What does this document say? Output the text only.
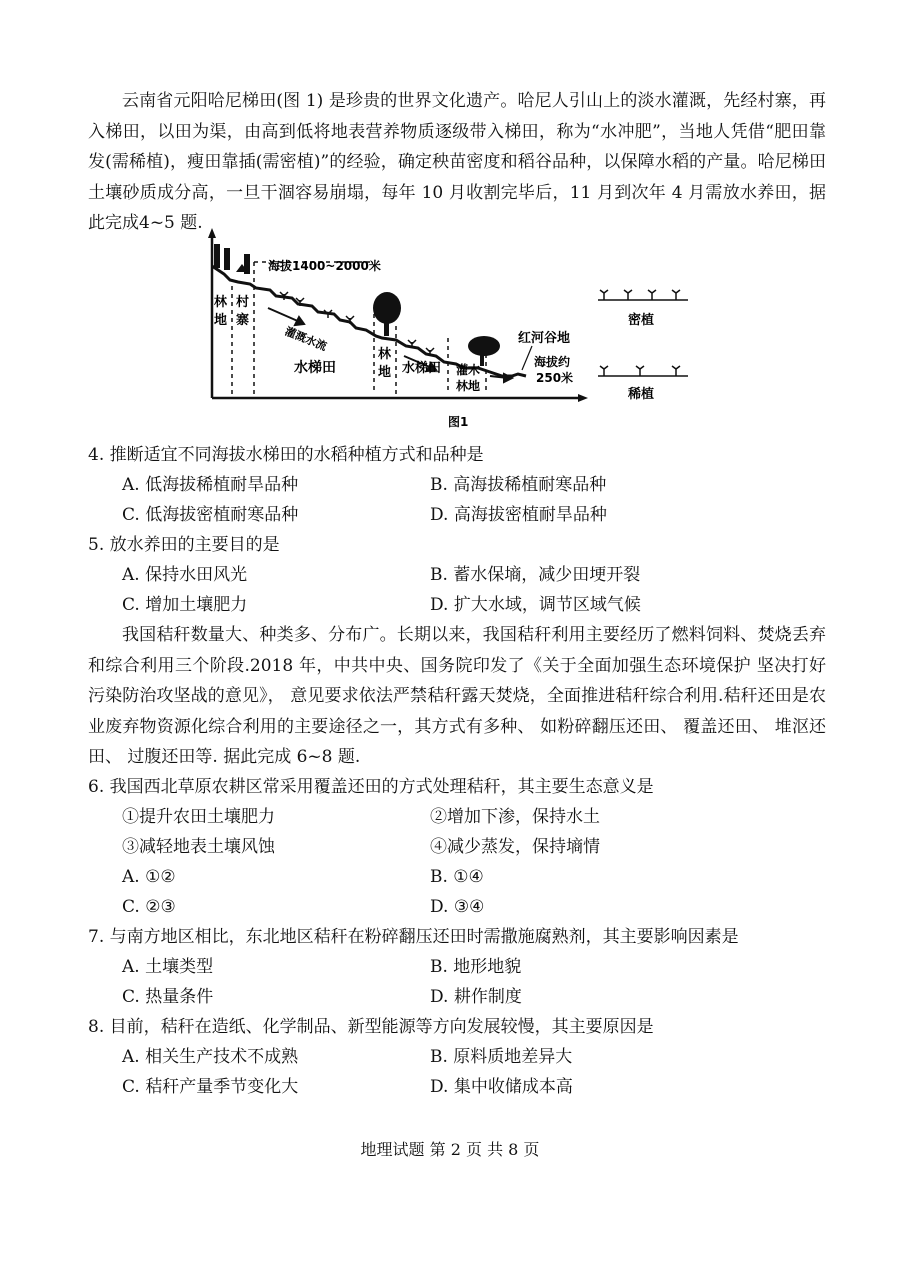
云南省元阳哈尼梯田(图 1) 是珍贵的世界文化遗产。哈尼人引山上的淡水灌溉，先经村寨，再入梯田，以田为渠，由高到低将地表营养物质逐级带入梯田，称为“水冲肥”，当地人凭借“肥田靠发(需稀植)，瘦田靠插(需密植)”的经验，确定秧苗密度和稻谷品种，以保障水稻的产量。哈尼梯田土壤砂质成分高，一旦干涸容易崩塌，每年 10 月收割完毕后，11 月到次年 4 月需放水养田，据此完成4~5 题.

海拔1400~2000米
林
地
村
寨
水梯田
灌溉水流
林
地 水梯田 灌木
林地
红河谷地
海拔约
250米
密植
稀植
图1

4. 推断适宜不同海拔水梯田的水稻种植方式和品种是

A. 低海拔稀植耐旱品种	B. 高海拔稀植耐寒品种

C. 低海拔密植耐寒品种	D. 高海拔密植耐旱品种

5. 放水养田的主要目的是

A. 保持水田风光	B. 蓄水保墒，减少田埂开裂

C. 增加土壤肥力	D. 扩大水域，调节区域气候

我国秸秆数量大、种类多、分布广。长期以来，我国秸秆利用主要经历了燃料饲料、焚烧丢弃和综合利用三个阶段.2018 年，中共中央、国务院印发了《关于全面加强生态环境保护 坚决打好污染防治攻坚战的意见》， 意见要求依法严禁秸秆露天焚烧，全面推进秸秆综合利用.秸秆还田是农业废弃物资源化综合利用的主要途径之一，其方式有多种、 如粉碎翻压还田、 覆盖还田、 堆沤还田、 过腹还田等. 据此完成 6~8 题.

6. 我国西北草原农耕区常采用覆盖还田的方式处理秸秆，其主要生态意义是

①提升农田土壤肥力	②增加下渗，保持水土

③减轻地表土壤风蚀	④减少蒸发，保持墒情

A. ①②	B. ①④

C. ②③	D. ③④

7. 与南方地区相比，东北地区秸秆在粉碎翻压还田时需撒施腐熟剂，其主要影响因素是

A. 土壤类型	B. 地形地貌

C. 热量条件	D. 耕作制度

8. 目前，秸秆在造纸、化学制品、新型能源等方向发展较慢，其主要原因是

A. 相关生产技术不成熟	B. 原料质地差异大

C. 秸秆产量季节变化大	D. 集中收储成本高

地理试题 第 2 页 共 8 页
